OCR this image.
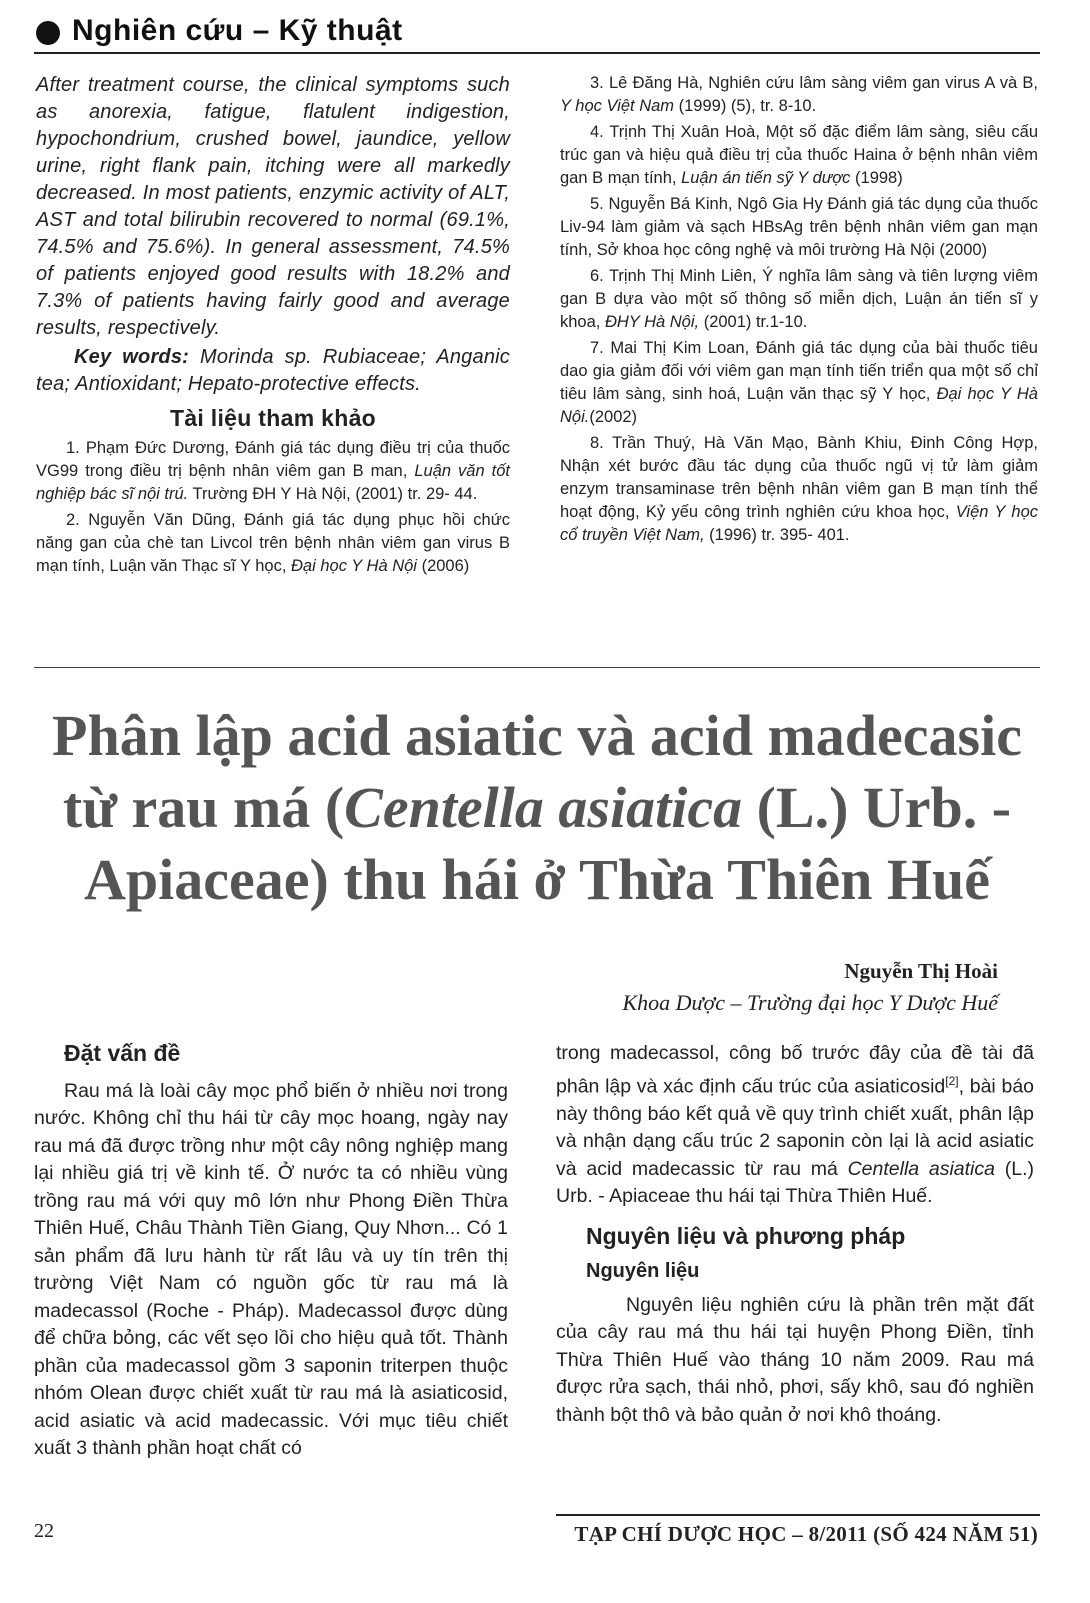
Nghiên cứu – Kỹ thuật

After treatment course, the clinical symptoms such as anorexia, fatigue, flatulent indigestion, hypochondrium, crushed bowel, jaundice, yellow urine, right flank pain, itching were all markedly decreased. In most patients, enzymic activity of ALT, AST and total bilirubin recovered to normal (69.1%, 74.5% and 75.6%). In general assessment, 74.5% of patients enjoyed good results with 18.2% and 7.3% of patients having fairly good and average results, respectively.

Key words: Morinda sp. Rubiaceae; Anganic tea; Antioxidant; Hepato-protective effects.

Tài liệu tham khảo

1. Phạm Đức Dương, Đánh giá tác dụng điều trị của thuốc VG99 trong điều trị bệnh nhân viêm gan B man, Luận văn tốt nghiệp bác sĩ nội trú. Trường ĐH Y Hà Nội, (2001) tr. 29- 44.

2. Nguyễn Văn Dũng, Đánh giá tác dụng phục hồi chức năng gan của chè tan Livcol trên bệnh nhân viêm gan virus B mạn tính, Luận văn Thạc sĩ Y học, Đại học Y Hà Nội (2006)

3. Lê Đăng Hà, Nghiên cứu lâm sàng viêm gan virus A và B, Y học Việt Nam (1999) (5), tr. 8-10.

4. Trịnh Thị Xuân Hoà, Một số đặc điểm lâm sàng, siêu cấu trúc gan và hiệu quả điều trị của thuốc Haina ở bệnh nhân viêm gan B mạn tính, Luận án tiến sỹ Y dược (1998)

5. Nguyễn Bá Kinh, Ngô Gia Hy Đánh giá tác dụng của thuốc Liv-94 làm giảm và sạch HBsAg trên bệnh nhân viêm gan mạn tính, Sở khoa học công nghệ và môi trường Hà Nội (2000)

6. Trịnh Thị Minh Liên, Ý nghĩa lâm sàng và tiên lượng viêm gan B dựa vào một số thông số miễn dịch, Luận án tiến sĩ y khoa, ĐHY Hà Nội, (2001) tr.1-10.

7. Mai Thị Kim Loan, Đánh giá tác dụng của bài thuốc tiêu dao gia giảm đối với viêm gan mạn tính tiến triển qua một số chỉ tiêu lâm sàng, sinh hoá, Luận văn thạc sỹ Y học, Đại học Y Hà Nội.(2002)

8. Trần Thuý, Hà Văn Mạo, Bành Khiu, Đinh Công Hợp, Nhận xét bước đầu tác dụng của thuốc ngũ vị tử làm giảm enzym transaminase trên bệnh nhân viêm gan B mạn tính thể hoạt động, Kỷ yếu công trình nghiên cứu khoa học, Viện Y học cổ truyền Việt Nam, (1996) tr. 395- 401.

Phân lập acid asiatic và acid madecasic từ rau má (Centella asiatica (L.) Urb. - Apiaceae) thu hái ở Thừa Thiên Huế
Nguyễn Thị Hoài
Khoa Dược – Trường đại học Y Dược Huế
Đặt vấn đề

Rau má là loài cây mọc phổ biến ở nhiều nơi trong nước. Không chỉ thu hái từ cây mọc hoang, ngày nay rau má đã được trồng như một cây nông nghiệp mang lại nhiều giá trị về kinh tế. Ở nước ta có nhiều vùng trồng rau má với quy mô lớn như Phong Điền Thừa Thiên Huế, Châu Thành Tiền Giang, Quy Nhơn... Có 1 sản phẩm đã lưu hành từ rất lâu và uy tín trên thị trường Việt Nam có nguồn gốc từ rau má là madecassol (Roche - Pháp). Madecassol được dùng để chữa bỏng, các vết sẹo lồi cho hiệu quả tốt. Thành phần của madecassol gồm 3 saponin triterpen thuộc nhóm Olean được chiết xuất từ rau má là asiaticosid, acid asiatic và acid madecassic. Với mục tiêu chiết xuất 3 thành phần hoạt chất có

trong madecassol, công bố trước đây của đề tài đã phân lập và xác định cấu trúc của asiaticosid[2], bài báo này thông báo kết quả về quy trình chiết xuất, phân lập và nhận dạng cấu trúc 2 saponin còn lại là acid asiatic và acid madecassic từ rau má Centella asiatica (L.) Urb. - Apiaceae thu hái tại Thừa Thiên Huế.

Nguyên liệu và phương pháp
Nguyên liệu

Nguyên liệu nghiên cứu là phần trên mặt đất của cây rau má thu hái tại huyện Phong Điền, tỉnh Thừa Thiên Huế vào tháng 10 năm 2009. Rau má được rửa sạch, thái nhỏ, phơi, sấy khô, sau đó nghiền thành bột thô và bảo quản ở nơi khô thoáng.

22	TẠP CHÍ DƯỢC HỌC – 8/2011 (SỐ 424 NĂM 51)
